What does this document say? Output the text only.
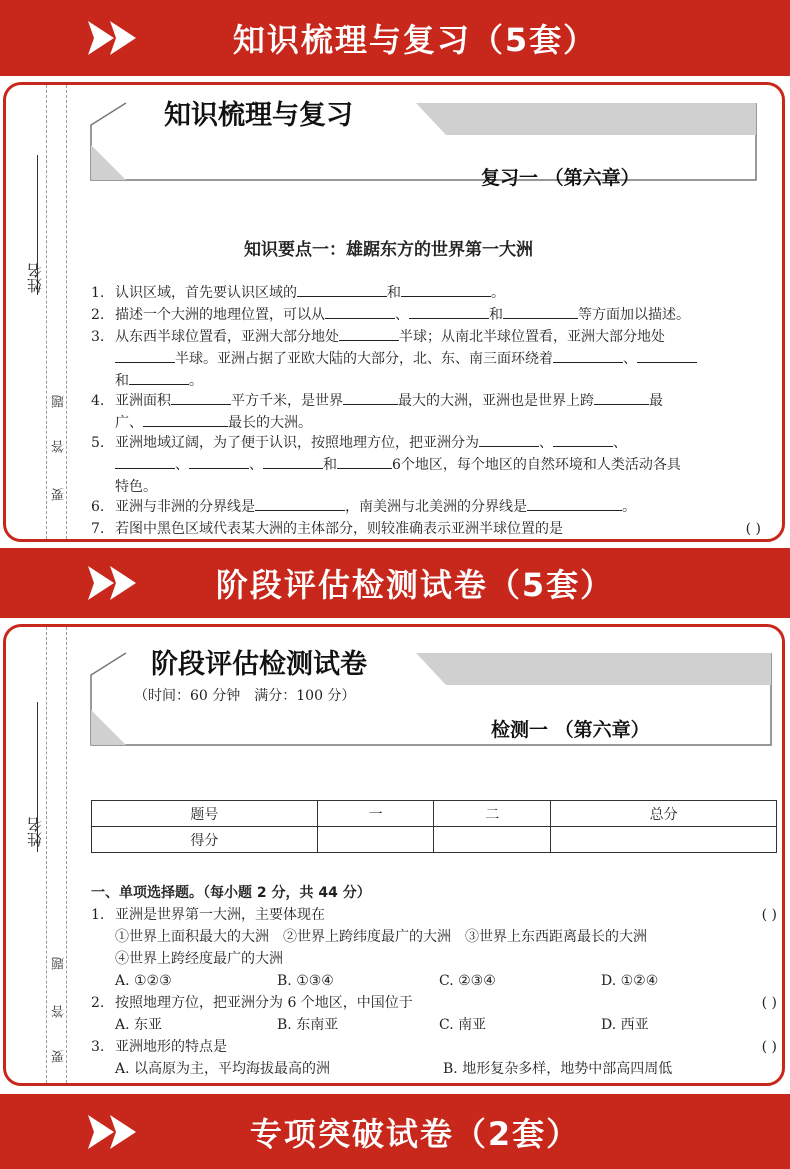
知识梳理与复习（5套）
姓名
题
答
要
知识梳理与复习
复习一 （第六章）
知识要点一：雄踞东方的世界第一大洲
1. 认识区域，首先要认识区域的	和	。
2. 描述一个大洲的地理位置，可以从	、	和	等方面加以描述。
3. 从东西半球位置看，亚洲大部分地处	半球；从南北半球位置看，亚洲大部分地处
半球。亚洲占据了亚欧大陆的大部分，北、东、南三面环绕着	、
和	。
4. 亚洲面积	平方千米，是世界	最大的大洲，亚洲也是世界上跨	最
广、	最长的大洲。
5. 亚洲地域辽阔，为了便于认识，按照地理方位，把亚洲分为	、	、
、	、	和	6个地区，每个地区的自然环境和人类活动各具
特色。
6. 亚洲与非洲的分界线是	，南美洲与北美洲的分界线是	。
7. 若图中黑色区域代表某大洲的主体部分，则较准确表示亚洲半球位置的是	( )
阶段评估检测试卷（5套）
姓名
题
答
要
阶段评估检测试卷
（时间：60 分钟　满分：100 分）
检测一 （第六章）
题号	一	二	总分
得分			
一、单项选择题。（每小题 2 分，共 44 分）
1. 亚洲是世界第一大洲，主要体现在	( )
①世界上面积最大的大洲　②世界上跨纬度最广的大洲　③世界上东西距离最长的大洲
④世界上跨经度最广的大洲
A. ①②③	B. ①③④	C. ②③④	D. ①②④
2. 按照地理方位，把亚洲分为 6 个地区，中国位于	( )
A. 东亚	B. 东南亚	C. 南亚	D. 西亚
3. 亚洲地形的特点是	( )
A. 以高原为主，平均海拔最高的洲	B. 地形复杂多样，地势中部高四周低
专项突破试卷（2套）
